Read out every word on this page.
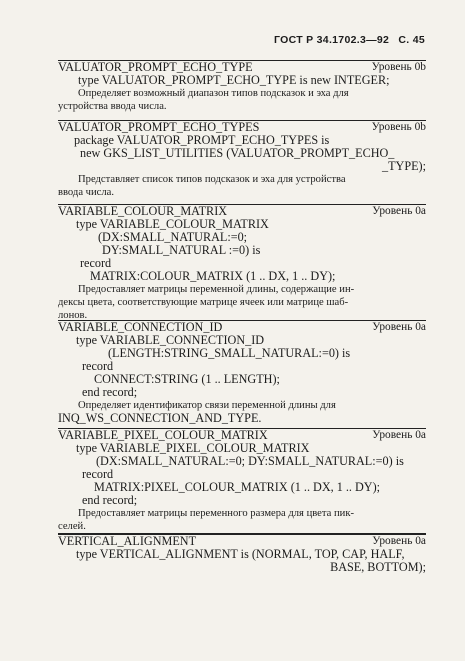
ГОСТ Р 34.1702.3—92 С. 45
VALUATOR_PROMPT_ECHO_TYPE	Уровень 0b
type VALUATOR_PROMPT_ECHO_TYPE is new INTEGER;
Определяет возможный диапазон типов подсказок и эха для
устройства ввода числа.
VALUATOR_PROMPT_ECHO_TYPES	Уровень 0b
package VALUATOR_PROMPT_ECHO_TYPES is
new GKS_LIST_UTILITIES (VALUATOR_PROMPT_ECHO_
_TYPE);
Представляет список типов подсказок и эха для устройства
ввода числа.
VARIABLE_COLOUR_MATRIX	Уровень 0a
type VARIABLE_COLOUR_MATRIX
(DX:SMALL_NATURAL:=0;
DY:SMALL_NATURAL :=0) is
record
MATRIX:COLOUR_MATRIX (1 .. DX, 1 .. DY);
Предоставляет матрицы переменной длины, содержащие ин-
дексы цвета, соответствующие матрице ячеек или матрице шаб-
лонов.
VARIABLE_CONNECTION_ID	Уровень 0a
type VARIABLE_CONNECTION_ID
(LENGTH:STRING_SMALL_NATURAL:=0) is
record
CONNECT:STRING (1 .. LENGTH);
end record;
Определяет идентификатор связи переменной длины для
INQ_WS_CONNECTION_AND_TYPE.
VARIABLE_PIXEL_COLOUR_MATRIX	Уровень 0a
type VARIABLE_PIXEL_COLOUR_MATRIX
(DX:SMALL_NATURAL:=0; DY:SMALL_NATURAL:=0) is
record
MATRIX:PIXEL_COLOUR_MATRIX (1 .. DX, 1 .. DY);
end record;
Предоставляет матрицы переменного размера для цвета пик-
селей.
VERTICAL_ALIGNMENT	Уровень 0a
type VERTICAL_ALIGNMENT is (NORMAL, TOP, CAP, HALF,
BASE, BOTTOM);
